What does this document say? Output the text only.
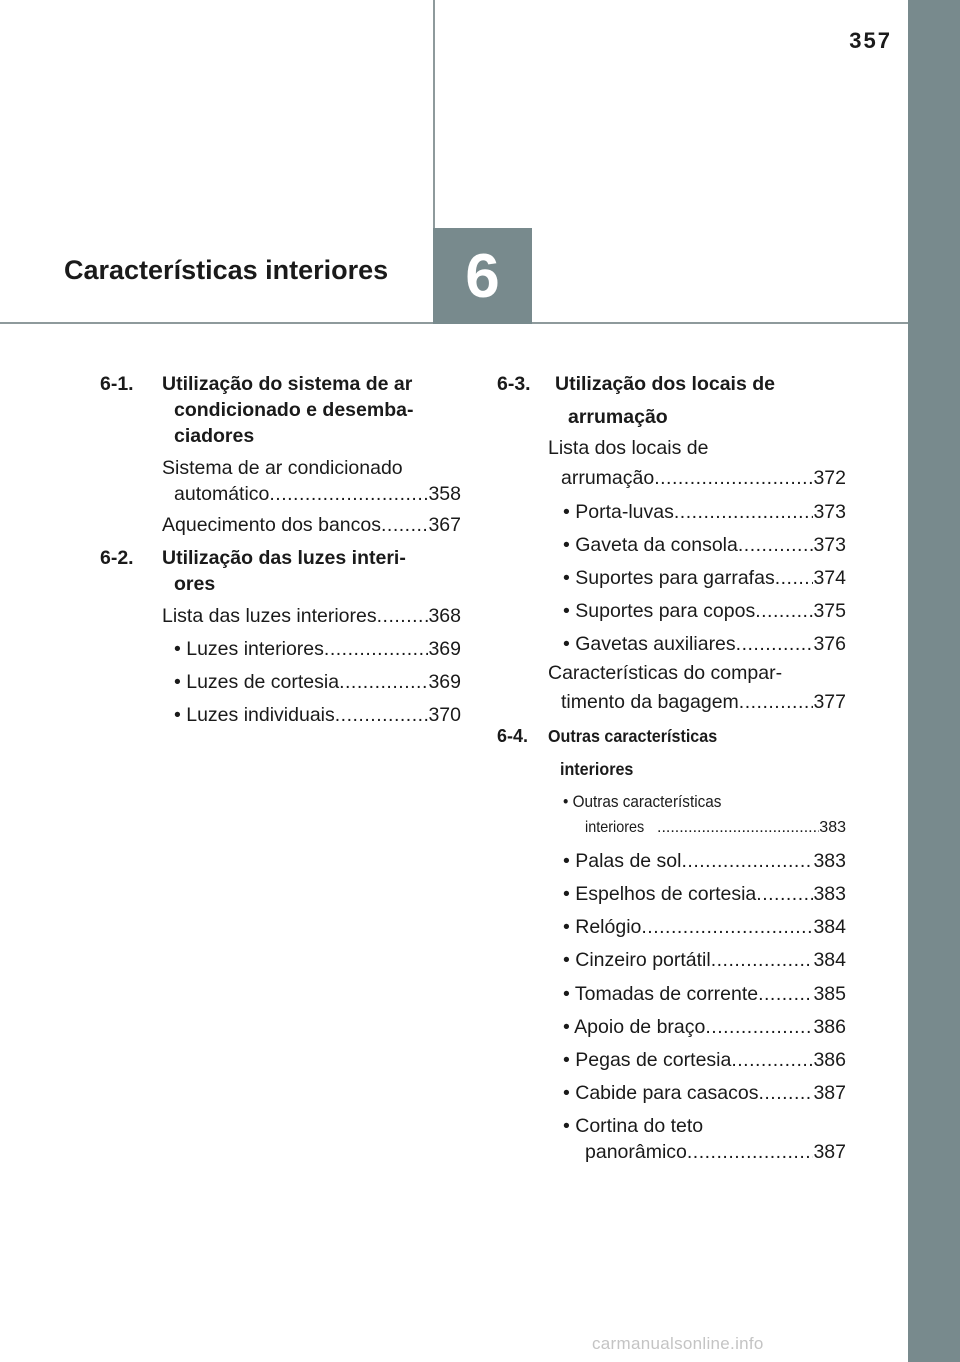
357
Características interiores 6
6-1. Utilização do sistema de ar
condicionado e desemba-
ciadores
Sistema de ar condicionado
automático .....	358
Aquecimento dos bancos ..... 367
6-2. Utilização das luzes interi-
ores
Lista das luzes interiores .....	368
• Luzes interiores .....	369
• Luzes de cortesia .....	369
• Luzes individuais .....	370
6-3. Utilização dos locais de
arrumação
Lista dos locais de
arrumação .....	372
• Porta-luvas .....	373
• Gaveta da consola .....	373
• Suportes para garrafas ..... 374
• Suportes para copos .....	375
• Gavetas auxiliares .....	376
Características do compar-
timento da bagagem .....	377
6-4. Outras características
interiores
• Outras características
interiores .....	383
• Palas de sol .....	383
• Espelhos de cortesia .....	383
• Relógio .....	384
• Cinzeiro portátil .....	384
• Tomadas de corrente .....	385
• Apoio de braço .....	386
• Pegas de cortesia .....	386
• Cabide para casacos .....	387
• Cortina do teto
panorâmico .....	387
carmanualsonline.info
